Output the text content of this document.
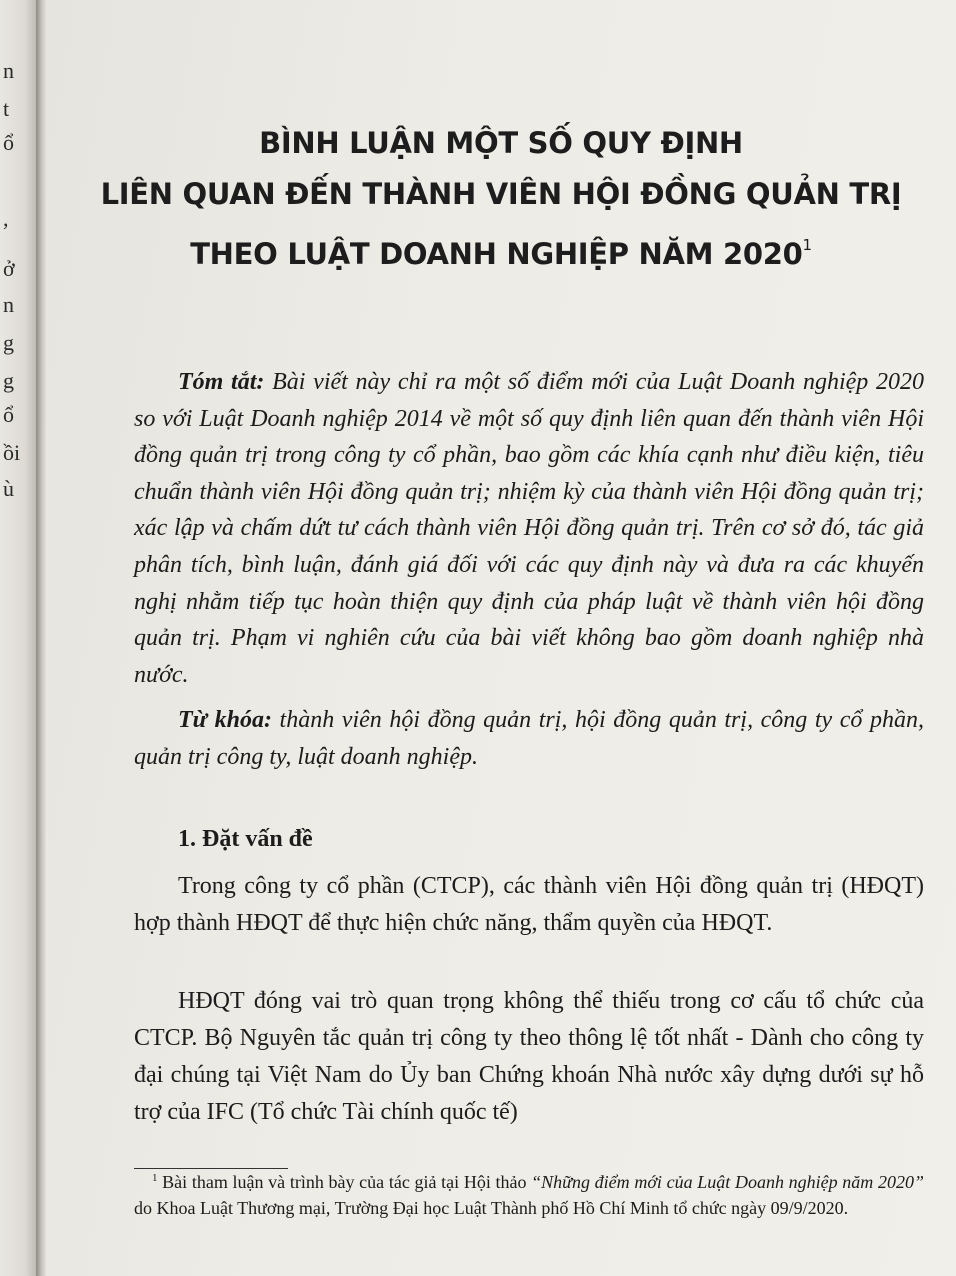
n
t
ổ
,
ở
n
g
g
ổ
ồi
ù
BÌNH LUẬN MỘT SỐ QUY ĐỊNH
LIÊN QUAN ĐẾN THÀNH VIÊN HỘI ĐỒNG QUẢN TRỊ
THEO LUẬT DOANH NGHIỆP NĂM 2020$^1$
Tóm tắt: Bài viết này chỉ ra một số điểm mới của Luật Doanh nghiệp 2020 so với Luật Doanh nghiệp 2014 về một số quy định liên quan đến thành viên Hội đồng quản trị trong công ty cổ phần, bao gồm các khía cạnh như điều kiện, tiêu chuẩn thành viên Hội đồng quản trị; nhiệm kỳ của thành viên Hội đồng quản trị; xác lập và chấm dứt tư cách thành viên Hội đồng quản trị. Trên cơ sở đó, tác giả phân tích, bình luận, đánh giá đối với các quy định này và đưa ra các khuyến nghị nhằm tiếp tục hoàn thiện quy định của pháp luật về thành viên hội đồng quản trị. Phạm vi nghiên cứu của bài viết không bao gồm doanh nghiệp nhà nước.
Từ khóa: thành viên hội đồng quản trị, hội đồng quản trị, công ty cổ phần, quản trị công ty, luật doanh nghiệp.
1. Đặt vấn đề
Trong công ty cổ phần (CTCP), các thành viên Hội đồng quản trị (HĐQT) hợp thành HĐQT để thực hiện chức năng, thẩm quyền của HĐQT.
HĐQT đóng vai trò quan trọng không thể thiếu trong cơ cấu tổ chức của CTCP. Bộ Nguyên tắc quản trị công ty theo thông lệ tốt nhất - Dành cho công ty đại chúng tại Việt Nam do Ủy ban Chứng khoán Nhà nước xây dựng dưới sự hỗ trợ của IFC (Tổ chức Tài chính quốc tế)
$^1$ Bài tham luận và trình bày của tác giả tại Hội thảo “Những điểm mới của Luật Doanh nghiệp năm 2020” do Khoa Luật Thương mại, Trường Đại học Luật Thành phố Hồ Chí Minh tổ chức ngày 09/9/2020.
